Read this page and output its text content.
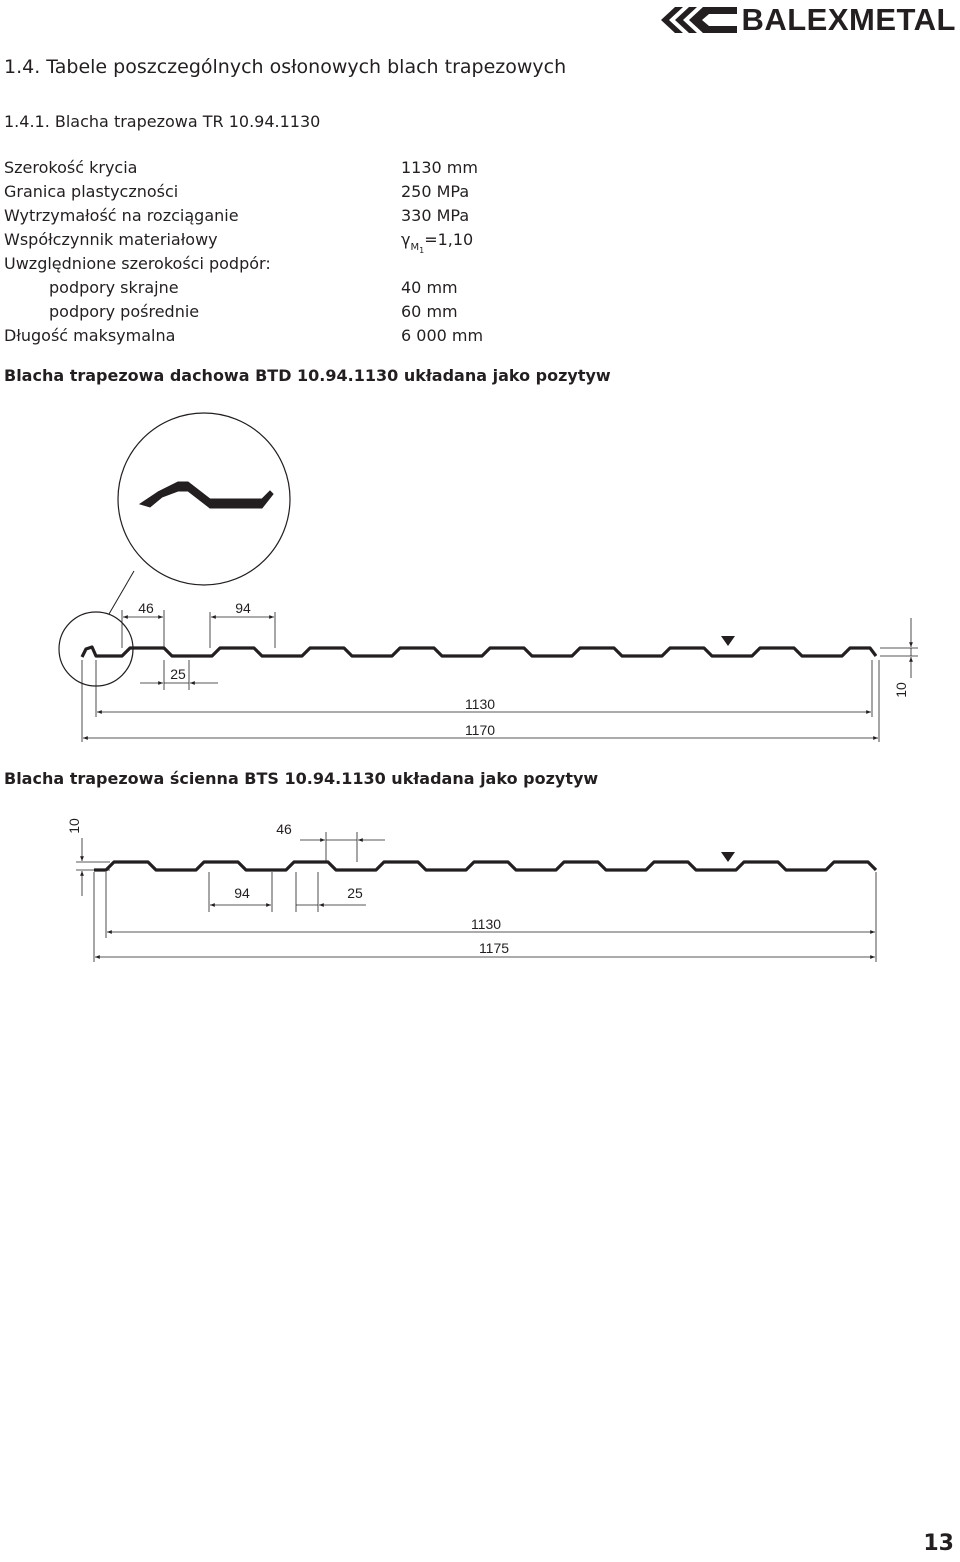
BALEXMETAL
1.4. Tabele poszczególnych osłonowych blach trapezowych
1.4.1. Blacha trapezowa TR 10.94.1130
Szerokość krycia	1130 mm
Granica plastyczności	250 MPa
Wytrzymałość na rozciąganie	330 MPa
Współczynnik materiałowy	$\gamma_{M_1}=1,10$
Uwzględnione szerokości podpór:
podpory skrajne	40 mm
podpory pośrednie	60 mm
Długość maksymalna	6 000 mm
Blacha trapezowa dachowa BTD 10.94.1130 układana jako pozytyw
46	94
25
1130
1170
10
Blacha trapezowa ścienna BTS 10.94.1130 układana jako pozytyw
10	46
94	25
1130
1175
13
